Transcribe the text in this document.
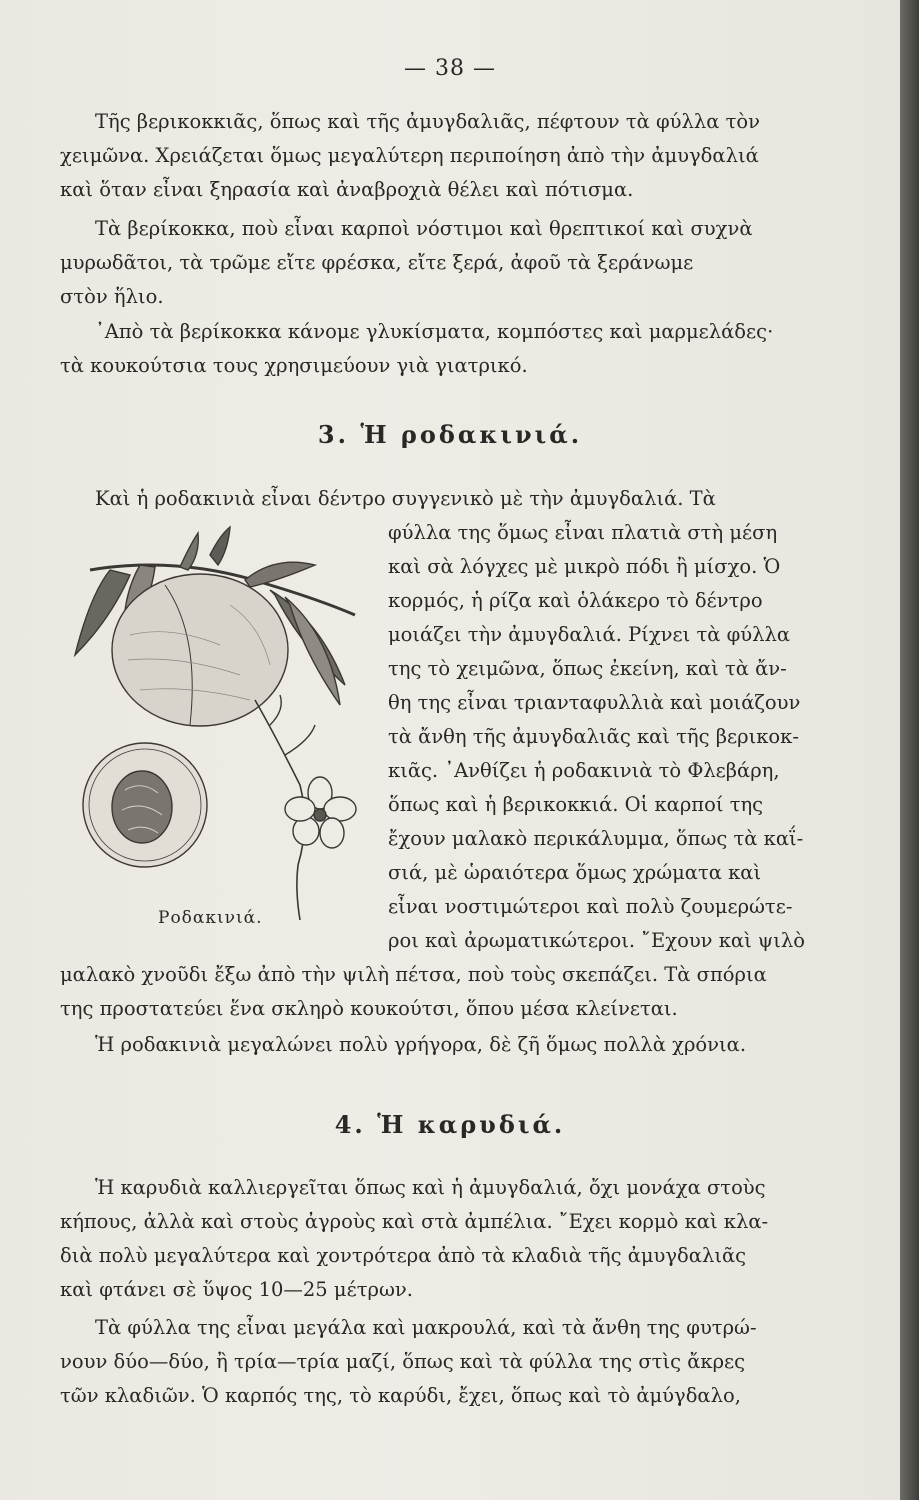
— 38 —
Τῆς βερικοκκιᾶς, ὅπως καὶ τῆς ἀμυγδαλιᾶς, πέφτουν τὰ φύλλα τὸν
χειμῶνα. Χρειάζεται ὅμως μεγαλύτερη περιποίηση ἀπὸ τὴν ἀμυγδαλιά
καὶ ὅταν εἶναι ξηρασία καὶ ἀναβροχιὰ θέλει καὶ πότισμα.
Τὰ βερίκοκκα, ποὺ εἶναι καρποὶ νόστιμοι καὶ θρεπτικοί καὶ συχνὰ
μυρωδᾶτοι, τὰ τρῶμε εἴτε φρέσκα, εἴτε ξερά, ἀφοῦ τὰ ξεράνωμε
στὸν ἥλιο.
᾿Απὸ τὰ βερίκοκκα κάνομε γλυκίσματα, κομπόστες καὶ μαρμελάδες·
τὰ κουκούτσια τους χρησιμεύουν γιὰ γιατρικό.
3. Ἡ ροδακινιά.
Καὶ ἡ ροδακινιὰ εἶναι δέντρο συγγενικὸ μὲ τὴν ἀμυγδαλιά. Τὰ
φύλλα της ὅμως εἶναι πλατιὰ στὴ μέση
καὶ σὰ λόγχες μὲ μικρὸ πόδι ἢ μίσχο. Ὁ
κορμός, ἡ ρίζα καὶ ὁλάκερο τὸ δέντρο
μοιάζει τὴν ἀμυγδαλιά. Ρίχνει τὰ φύλλα
της τὸ χειμῶνα, ὅπως ἐκείνη, καὶ τὰ ἄν-
θη της εἶναι τριανταφυλλιὰ καὶ μοιάζουν
τὰ ἄνθη τῆς ἀμυγδαλιᾶς καὶ τῆς βερικοκ-
κιᾶς. ᾿Ανθίζει ἡ ροδακινιὰ τὸ Φλεβάρη,
ὅπως καὶ ἡ βερικοκκιά. Οἱ καρποί της
ἔχουν μαλακὸ περικάλυμμα, ὅπως τὰ καΐ-
σιά, μὲ ὡραιότερα ὅμως χρώματα καὶ
εἶναι νοστιμώτεροι καὶ πολὺ ζουμερώτε-
ροι καὶ ἀρωματικώτεροι. ῎Εχουν καὶ ψιλὸ
μαλακὸ χνοῦδι ἔξω ἀπὸ τὴν ψιλὴ πέτσα, ποὺ τοὺς σκεπάζει. Τὰ σπόρια
της προστατεύει ἕνα σκληρὸ κουκούτσι, ὅπου μέσα κλείνεται.
Ἡ ροδακινιὰ μεγαλώνει πολὺ γρήγορα, δὲ ζῆ ὅμως πολλὰ χρόνια.
4. Ἡ καρυδιά.
Ἡ καρυδιὰ καλλιεργεῖται ὅπως καὶ ἡ ἀμυγδαλιά, ὄχι μονάχα στοὺς
κήπους, ἀλλὰ καὶ στοὺς ἀγροὺς καὶ στὰ ἀμπέλια. ῎Εχει κορμὸ καὶ κλα-
διὰ πολὺ μεγαλύτερα καὶ χοντρότερα ἀπὸ τὰ κλαδιὰ τῆς ἀμυγδαλιᾶς
καὶ φτάνει σὲ ὕψος 10—25 μέτρων.
Τὰ φύλλα της εἶναι μεγάλα καὶ μακρουλά, καὶ τὰ ἄνθη της φυτρώ-
νουν δύο—δύο, ἢ τρία—τρία μαζί, ὅπως καὶ τὰ φύλλα της στὶς ἄκρες
τῶν κλαδιῶν. Ὁ καρπός της, τὸ καρύδι, ἔχει, ὅπως καὶ τὸ ἀμύγδαλο,
Ροδακινιά.
